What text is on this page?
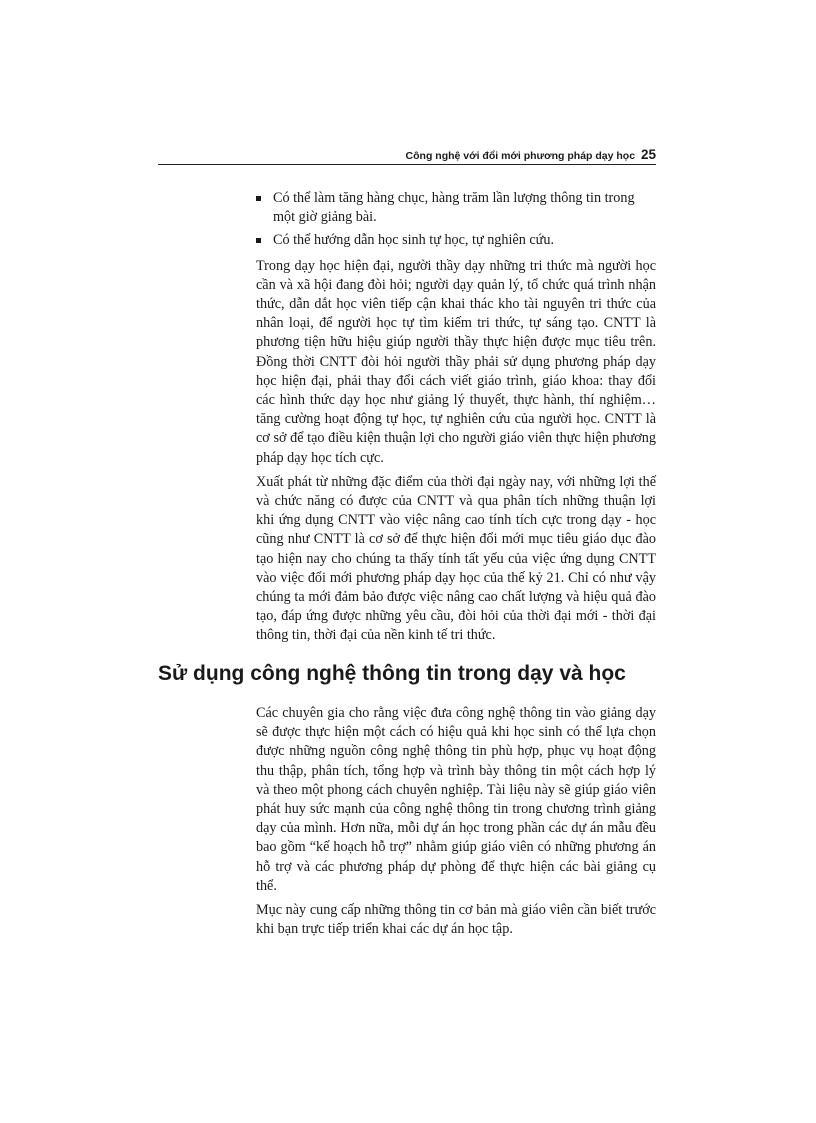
Công nghệ với đổi mới phương pháp dạy học 25
Có thể làm tăng hàng chục, hàng trăm lần lượng thông tin trong một giờ giảng bài.
Có thể hướng dẫn học sinh tự học, tự nghiên cứu.

Trong dạy học hiện đại, người thầy dạy những tri thức mà người học cần và xã hội đang đòi hỏi; người dạy quản lý, tổ chức quá trình nhận thức, dẫn dắt học viên tiếp cận khai thác kho tài nguyên tri thức của nhân loại, để người học tự tìm kiếm tri thức, tự sáng tạo. CNTT là phương tiện hữu hiệu giúp người thầy thực hiện được mục tiêu trên. Đồng thời CNTT đòi hỏi người thầy phải sử dụng phương pháp dạy học hiện đại, phải thay đổi cách viết giáo trình, giáo khoa: thay đổi các hình thức dạy học như giảng lý thuyết, thực hành, thí nghiệm… tăng cường hoạt động tự học, tự nghiên cứu của người học. CNTT là cơ sở để tạo điều kiện thuận lợi cho người giáo viên thực hiện phương pháp dạy học tích cực.

Xuất phát từ những đặc điểm của thời đại ngày nay, với những lợi thế và chức năng có được của CNTT và qua phân tích những thuận lợi khi ứng dụng CNTT vào việc nâng cao tính tích cực trong dạy - học cũng như CNTT là cơ sở để thực hiện đổi mới mục tiêu giáo dục đào tạo hiện nay cho chúng ta thấy tính tất yếu của việc ứng dụng CNTT vào việc đổi mới phương pháp dạy học của thế kỷ 21. Chỉ có như vậy chúng ta mới đảm bảo được việc nâng cao chất lượng và hiệu quả đào tạo, đáp ứng được những yêu cầu, đòi hỏi của thời đại mới - thời đại thông tin, thời đại của nền kinh tế tri thức.

Sử dụng công nghệ thông tin trong dạy và học

Các chuyên gia cho rằng việc đưa công nghệ thông tin vào giảng dạy sẽ được thực hiện một cách có hiệu quả khi học sinh có thể lựa chọn được những nguồn công nghệ thông tin phù hợp, phục vụ hoạt động thu thập, phân tích, tổng hợp và trình bày thông tin một cách hợp lý và theo một phong cách chuyên nghiệp. Tài liệu này sẽ giúp giáo viên phát huy sức mạnh của công nghệ thông tin trong chương trình giảng dạy của mình. Hơn nữa, mỗi dự án học trong phần các dự án mẫu đều bao gồm “kế hoạch hỗ trợ” nhằm giúp giáo viên có những phương án hỗ trợ và các phương pháp dự phòng để thực hiện các bài giảng cụ thể.

Mục này cung cấp những thông tin cơ bản mà giáo viên cần biết trước khi bạn trực tiếp triển khai các dự án học tập.
